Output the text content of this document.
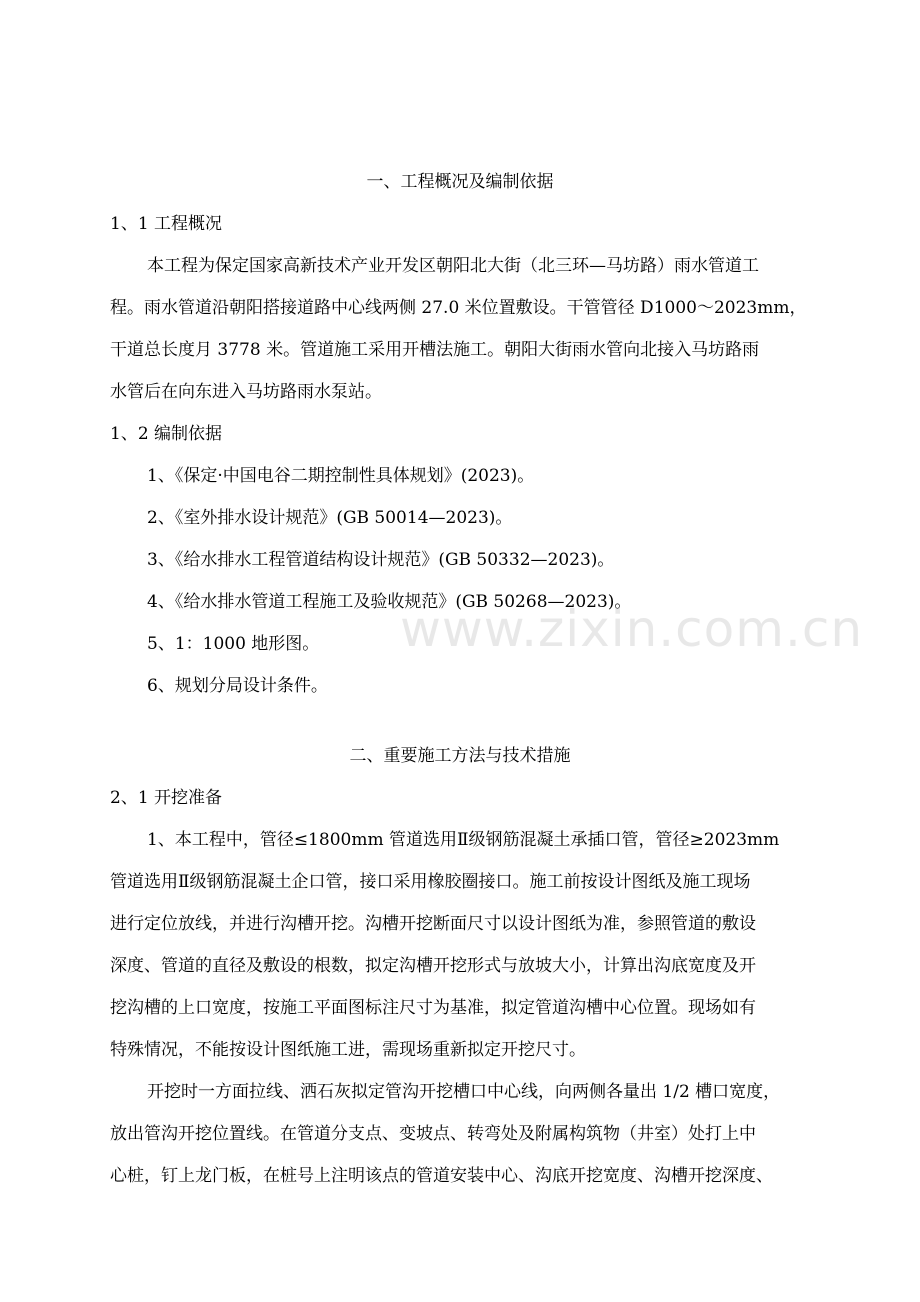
一、工程概况及编制依据
1、1 工程概况
本工程为保定国家高新技术产业开发区朝阳北大街（北三环—马坊路）雨水管道工
程。雨水管道沿朝阳搭接道路中心线两侧 27.0 米位置敷设。干管管径 D1000～2023mm，
干道总长度月 3778 米。管道施工采用开槽法施工。朝阳大街雨水管向北接入马坊路雨
水管后在向东进入马坊路雨水泵站。
1、2 编制依据
1、《保定·中国电谷二期控制性具体规划》(2023)。
2、《室外排水设计规范》(GB 50014—2023)。
3、《给水排水工程管道结构设计规范》(GB 50332—2023)。
4、《给水排水管道工程施工及验收规范》(GB 50268—2023)。
5、1：1000 地形图。
6、规划分局设计条件。
二、重要施工方法与技术措施
2、1 开挖准备
1、本工程中，管径≤1800mm 管道选用Ⅱ级钢筋混凝土承插口管，管径≥2023mm
管道选用Ⅱ级钢筋混凝土企口管，接口采用橡胶圈接口。施工前按设计图纸及施工现场
进行定位放线，并进行沟槽开挖。沟槽开挖断面尺寸以设计图纸为准，参照管道的敷设
深度、管道的直径及敷设的根数，拟定沟槽开挖形式与放坡大小，计算出沟底宽度及开
挖沟槽的上口宽度，按施工平面图标注尺寸为基准，拟定管道沟槽中心位置。现场如有
特殊情况，不能按设计图纸施工进，需现场重新拟定开挖尺寸。
开挖时一方面拉线、洒石灰拟定管沟开挖槽口中心线，向两侧各量出 1/2 槽口宽度，
放出管沟开挖位置线。在管道分支点、变坡点、转弯处及附属构筑物（井室）处打上中
心桩，钉上龙门板，在桩号上注明该点的管道安装中心、沟底开挖宽度、沟槽开挖深度、
www.zixin.com.cn
